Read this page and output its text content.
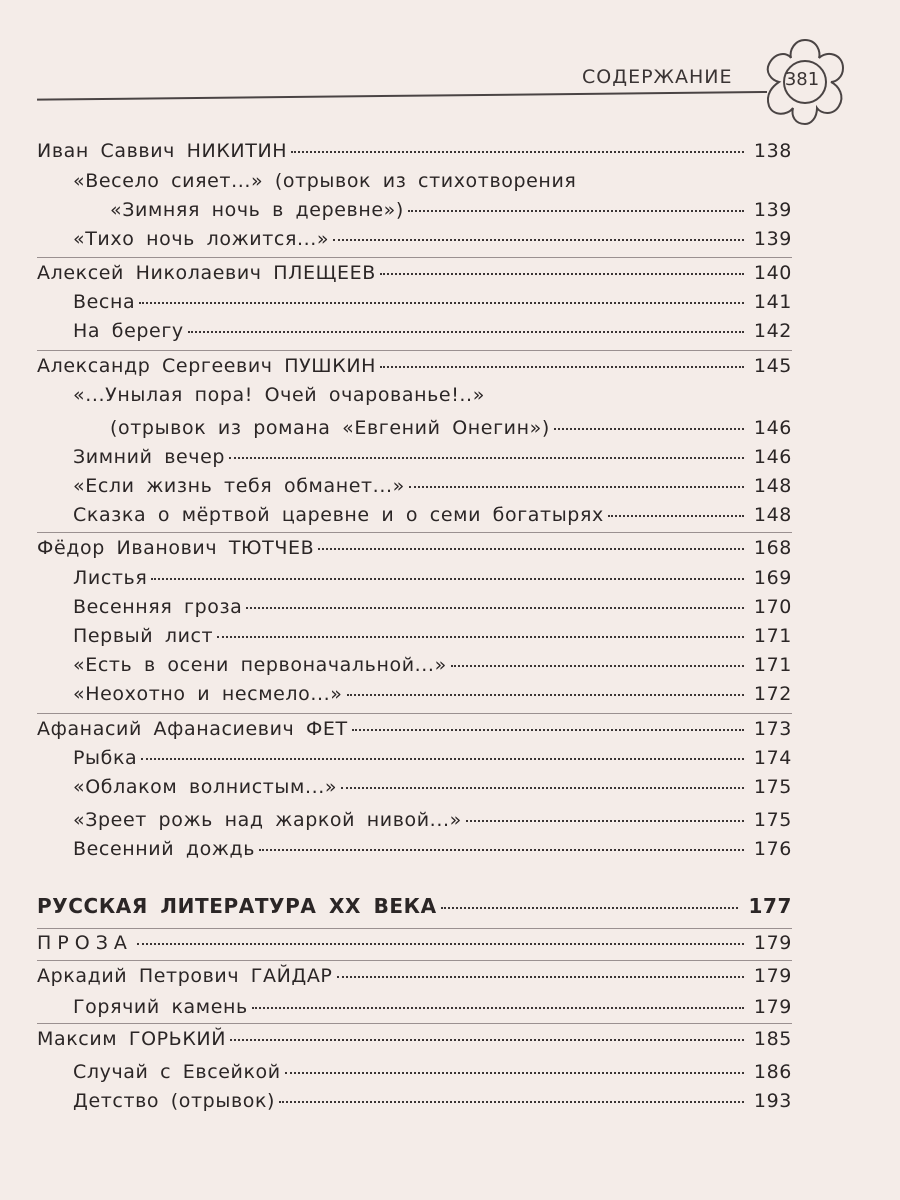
СОДЕРЖАНИЕ	381
Иван Саввич НИКИТИН	138
«Весело сияет...» (отрывок из стихотворения
«Зимняя ночь в деревне»)	139
«Тихо ночь ложится...»	139
Алексей Николаевич ПЛЕЩЕЕВ	140
Весна	141
На берегу	142
Александр Сергеевич ПУШКИН	145
«...Унылая пора! Очей очарованье!..»
(отрывок из романа «Евгений Онегин»)	146
Зимний вечер	146
«Если жизнь тебя обманет...»	148
Сказка о мёртвой царевне и о семи богатырях	148
Фёдор Иванович ТЮТЧЕВ	168
Листья	169
Весенняя гроза	170
Первый лист	171
«Есть в осени первоначальной...»	171
«Неохотно и несмело...»	172
Афанасий Афанасиевич ФЕТ	173
Рыбка	174
«Облаком волнистым...»	175
«Зреет рожь над жаркой нивой...»	175
Весенний дождь	176
РУССКАЯ ЛИТЕРАТУРА XX ВЕКА	177
ПРОЗА	179
Аркадий Петрович ГАЙДАР	179
Горячий камень	179
Максим ГОРЬКИЙ	185
Случай с Евсейкой	186
Детство (отрывок)	193
